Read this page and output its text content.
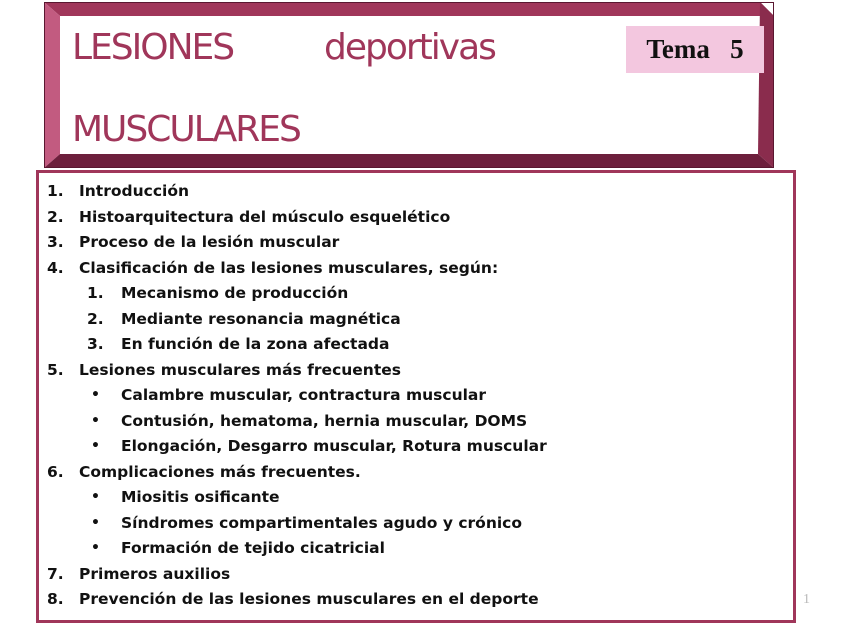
LESIONES	deportivas
MUSCULARES
Tema   5
1. Introducción
2. Histoarquitectura del músculo esquelético
3. Proceso de la lesión muscular
4. Clasificación de las lesiones musculares, según:
1.	Mecanismo de producción
2.	Mediante resonancia magnética
3.	En función de la zona afectada
5. Lesiones musculares más frecuentes
•	Calambre muscular, contractura muscular
•	Contusión, hematoma, hernia muscular, DOMS
•	Elongación, Desgarro muscular, Rotura muscular
6. Complicaciones más frecuentes.
•	Miositis osificante
•	Síndromes compartimentales agudo y crónico
•	Formación de tejido cicatricial
7. Primeros auxilios
8. Prevención de las lesiones musculares en el deporte	1
